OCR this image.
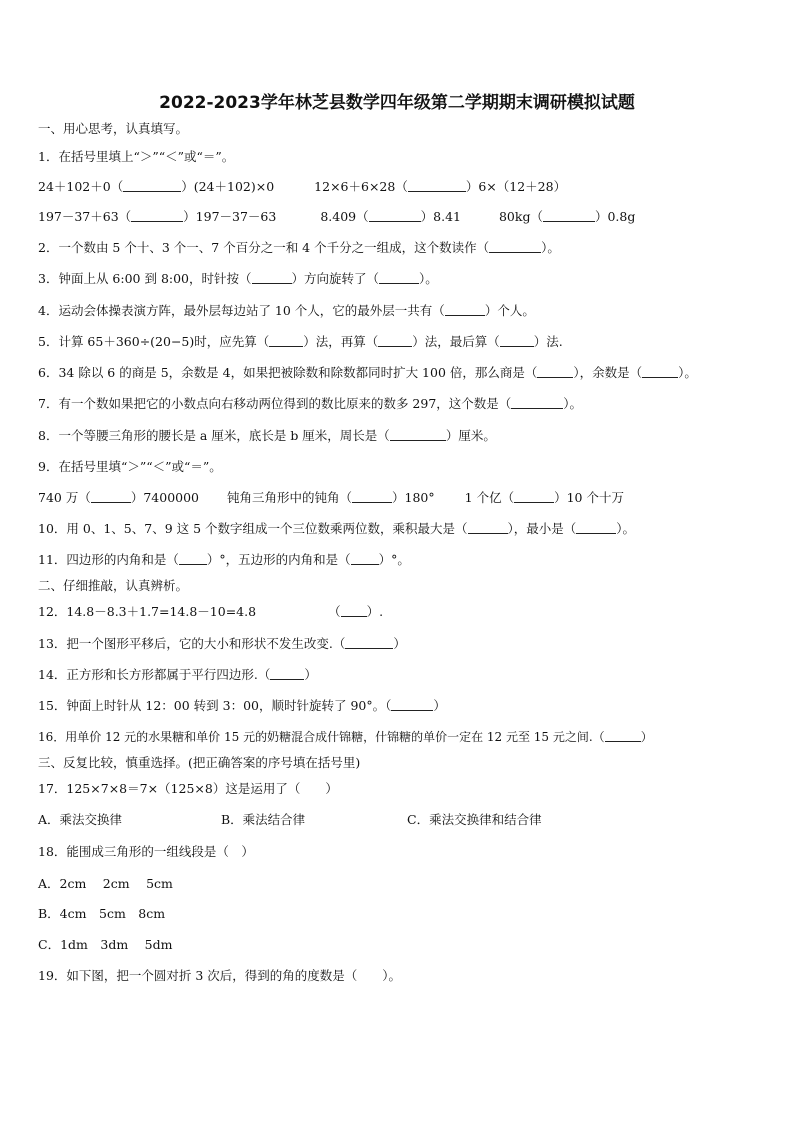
2022-2023学年林芝县数学四年级第二学期期末调研模拟试题
一、用心思考，认真填写。
1．在括号里填上“＞”“＜”或“＝”。
24＋102＋0（	）(24＋102)×0	12×6＋6×28（	）6×（12＋28）
197－37＋63（	）197－37－63	8.409（	）8.41	80kg（	）0.8g
2．一个数由 5 个十、3 个一、7 个百分之一和 4 个千分之一组成，这个数读作（	）。
3．钟面上从 6:00 到 8:00，时针按（	）方向旋转了（	）。
4．运动会体操表演方阵，最外层每边站了 10 个人，它的最外层一共有（	）个人。
5．计算 65＋360÷(20−5)时，应先算（	）法，再算（	）法，最后算（	）法.
6．34 除以 6 的商是 5，余数是 4，如果把被除数和除数都同时扩大 100 倍，那么商是（	），余数是（	）。
7．有一个数如果把它的小数点向右移动两位得到的数比原来的数多 297，这个数是（	）。
8．一个等腰三角形的腰长是 a 厘米，底长是 b 厘米，周长是（	）厘米。
9．在括号里填“＞”“＜”或“＝”。
740 万（	）7400000 钝角三角形中的钝角（	）180° 1 个亿（	）10 个十万
10．用 0、1、5、7、9 这 5 个数字组成一个三位数乘两位数，乘积最大是（	），最小是（	）。
11．四边形的内角和是（ ）°，五边形的内角和是（ ）°。
二、仔细推敲，认真辨析。
12．14.8－8.3＋1.7=14.8－10=4.8	（ ）.
13．把一个图形平移后，它的大小和形状不发生改变.（	）
14．正方形和长方形都属于平行四边形.（	）
15．钟面上时针从 12：00 转到 3：00，顺时针旋转了 90°。（	）
16．用单价 12 元的水果糖和单价 15 元的奶糖混合成什锦糖，什锦糖的单价一定在 12 元至 15 元之间.（	）
三、反复比较，慎重选择。(把正确答案的序号填在括号里)
17．125×7×8＝7×（125×8）这是运用了（　　）
A．乘法交换律	B．乘法结合律	C．乘法交换律和结合律
18．能围成三角形的一组线段是（　）
A．2cm　 2cm　 5cm
B．4cm　5cm　8cm
C．1dm　3dm　 5dm
19．如下图，把一个圆对折 3 次后，得到的角的度数是（　　）。
